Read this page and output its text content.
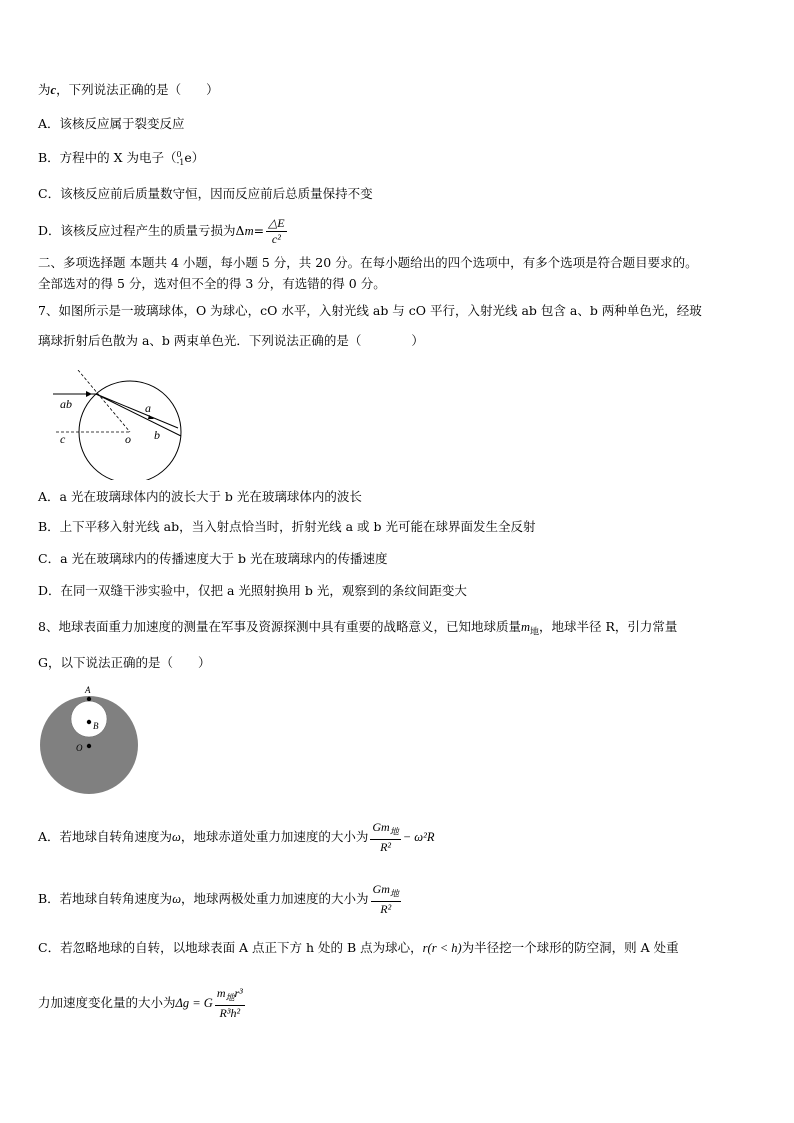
为c，下列说法正确的是（　　）
A．该核反应属于裂变反应
B．方程中的 X 为电子（ 0
-1 e）
C．该核反应前后质量数守恒，因而反应前后总质量保持不变
D．该核反应过程产生的质量亏损为$\Delta m= \frac{\triangle E}{\text{c²}}$
二、多项选择题 本题共 4 小题，每小题 5 分，共 20 分。在每小题给出的四个选项中，有多个选项是符合题目要求的。
全部选对的得 5 分，选对但不全的得 3 分，有选错的得 0 分。
7、如图所示是一玻璃球体，O 为球心，cO 水平，入射光线 ab 与 cO 平行，入射光线 ab 包含 a、b 两种单色光，经玻
璃球折射后色散为 a、b 两束单色光．下列说法正确的是（　　　　）
ab	a
b
c	o
A．a 光在玻璃球体内的波长大于 b 光在玻璃球体内的波长
B．上下平移入射光线 ab，当入射点恰当时，折射光线 a 或 b 光可能在球界面发生全反射
C．a 光在玻璃球内的传播速度大于 b 光在玻璃球内的传播速度
D．在同一双缝干涉实验中，仅把 a 光照射换用 b 光，观察到的条纹间距变大
8、地球表面重力加速度的测量在军事及资源探测中具有重要的战略意义，已知地球质量$m_地$，地球半径 R，引力常量
G，以下说法正确的是（　　）
A
B
O
A．若地球自转角速度为ω，地球赤道处重力加速度的大小为 $\frac{Gm_地}{\text{R²}} - \omega^2R$
B．若地球自转角速度为ω，地球两极处重力加速度的大小为 $\frac{Gm_地}{\text{R²}}$
C．若忽略地球的自转，以地球表面 A 点正下方 h 处的 B 点为球心，r(r < h)为半径挖一个球形的防空洞，则 A 处重
力加速度变化量的大小为Δg = G $\frac{m_地r^3}{\text{R³h²}}$
